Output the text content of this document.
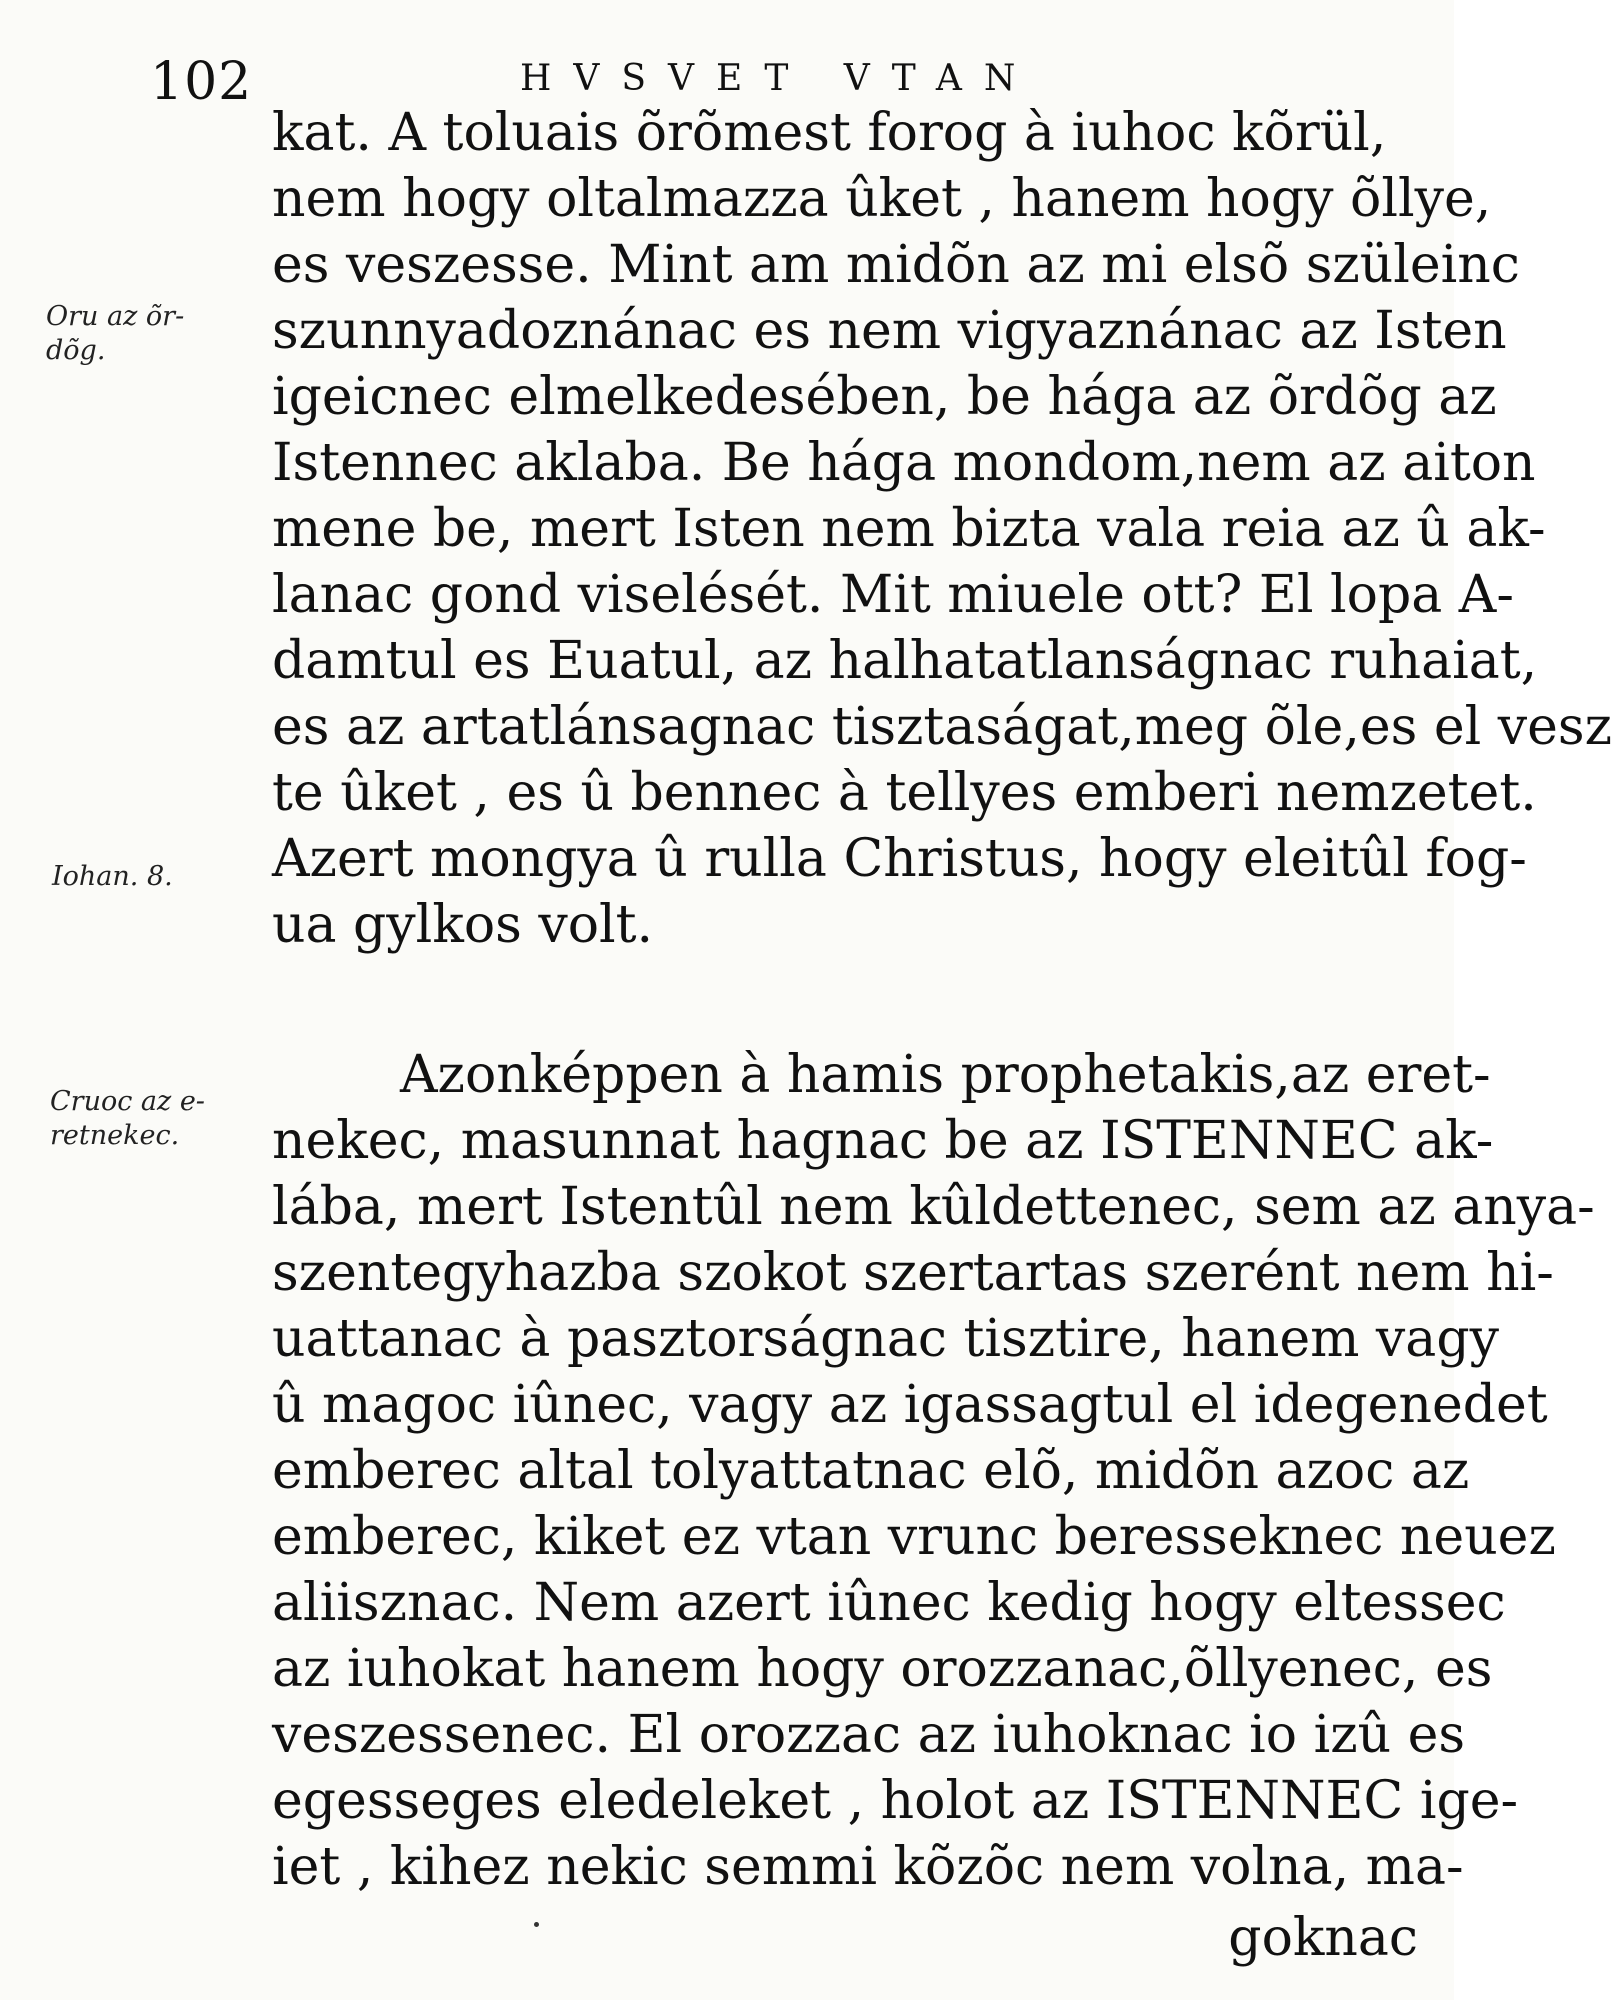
102	HVSVET VTAN
Oru az õr-
dõg.
Iohan. 8.
Cruoc az e-
retnekec.
kat. A toluais õrõmest forog à iuhoc kõrül,
nem hogy oltalmazza ûket , hanem hogy õllye,
es veszesse. Mint am midõn az mi elsõ szüleinc
szunnyadoznánac es nem vigyaznánac az Isten
igeicnec elmelkedesében, be hága az õrdõg az
Istennec aklaba. Be hága mondom,nem az aiton
mene be, mert Isten nem bizta vala reia az û ak-
lanac gond viselését. Mit miuele ott? El lopa A-
damtul es Euatul, az halhatatlanságnac ruhaiat,
es az artatlánsagnac tisztaságat,meg õle,es el vesz
te ûket , es û bennec à tellyes emberi nemzetet.
Azert mongya û rulla Christus, hogy eleitûl fog-
ua gylkos volt.
Azonképpen à hamis prophetakis,az eret-
nekec, masunnat hagnac be az ISTENNEC ak-
lába, mert Istentûl nem kûldettenec, sem az anya-
szentegyhazba szokot szertartas szerént nem hi-
uattanac à pasztorságnac tisztire, hanem vagy
û magoc iûnec, vagy az igassagtul el idegenedet
emberec altal tolyattatnac elõ, midõn azoc az
emberec, kiket ez vtan vrunc beresseknec neuez
aliisznac. Nem azert iûnec kedig hogy eltessec
az iuhokat hanem hogy orozzanac,õllyenec, es
veszessenec. El orozzac az iuhoknac io izû es
egesseges eledeleket , holot az ISTENNEC ige-
iet , kihez nekic semmi kõzõc nem volna, ma-
goknac
